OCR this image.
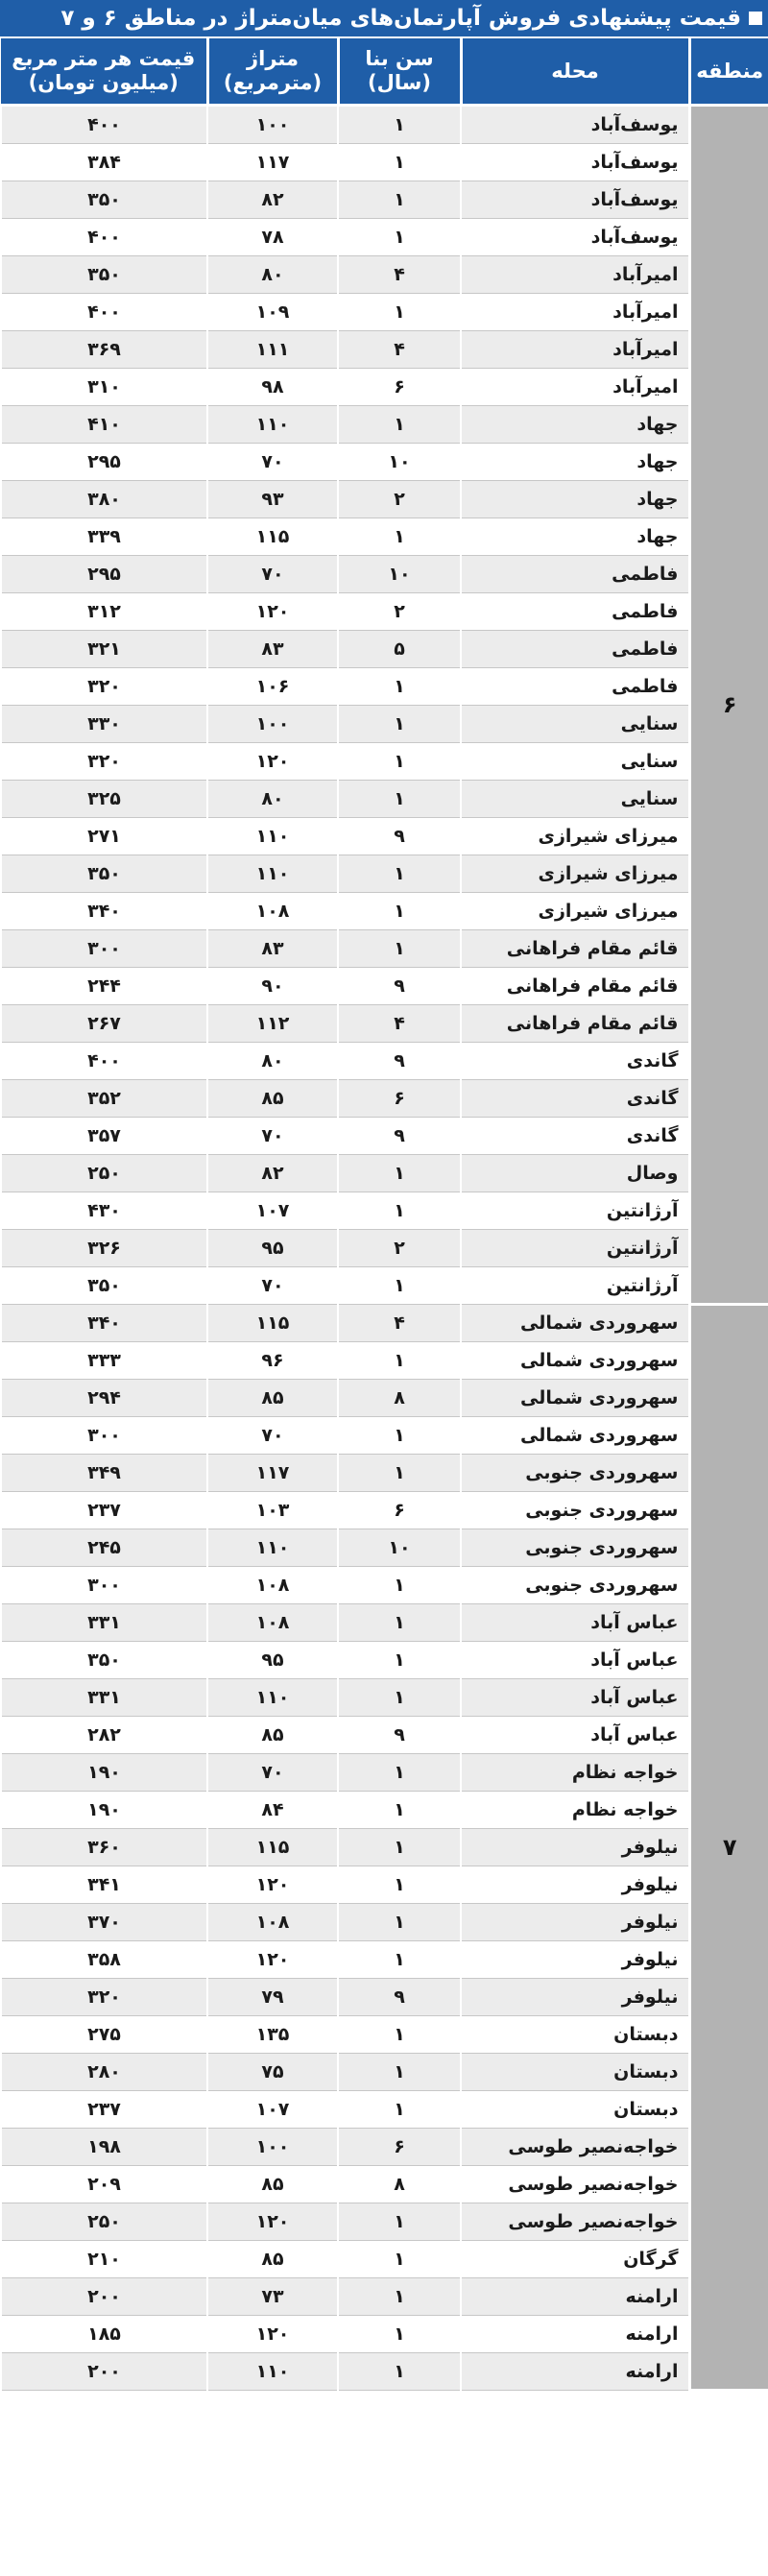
قیمت پیشنهادی فروش آپارتمان‌های میان‌متراژ در مناطق ۶ و ۷
منطقه	محله	سن بنا (سال)	متراژ (مترمربع)	قیمت هر متر مربع (میلیون تومان)
۶	یوسف‌آباد	۱	۱۰۰	۴۰۰
	یوسف‌آباد	۱	۱۱۷	۳۸۴
	یوسف‌آباد	۱	۸۲	۳۵۰
	یوسف‌آباد	۱	۷۸	۴۰۰
	امیرآباد	۴	۸۰	۳۵۰
	امیرآباد	۱	۱۰۹	۴۰۰
	امیرآباد	۴	۱۱۱	۳۶۹
	امیرآباد	۶	۹۸	۳۱۰
	جهاد	۱	۱۱۰	۴۱۰
	جهاد	۱۰	۷۰	۲۹۵
	جهاد	۲	۹۳	۳۸۰
	جهاد	۱	۱۱۵	۳۳۹
	فاطمی	۱۰	۷۰	۲۹۵
	فاطمی	۲	۱۲۰	۳۱۲
	فاطمی	۵	۸۳	۳۲۱
	فاطمی	۱	۱۰۶	۳۲۰
	سنایی	۱	۱۰۰	۳۳۰
	سنایی	۱	۱۲۰	۳۲۰
	سنایی	۱	۸۰	۳۲۵
	میرزای شیرازی	۹	۱۱۰	۲۷۱
	میرزای شیرازی	۱	۱۱۰	۳۵۰
	میرزای شیرازی	۱	۱۰۸	۳۴۰
	قائم مقام فراهانی	۱	۸۳	۳۰۰
	قائم مقام فراهانی	۹	۹۰	۲۴۴
	قائم مقام فراهانی	۴	۱۱۲	۲۶۷
	گاندی	۹	۸۰	۴۰۰
	گاندی	۶	۸۵	۳۵۲
	گاندی	۹	۷۰	۳۵۷
	وصال	۱	۸۲	۲۵۰
	آرژانتین	۱	۱۰۷	۴۳۰
	آرژانتین	۲	۹۵	۳۲۶
	آرژانتین	۱	۷۰	۳۵۰
۷	سهروردی شمالی	۴	۱۱۵	۳۴۰
	سهروردی شمالی	۱	۹۶	۳۳۳
	سهروردی شمالی	۸	۸۵	۲۹۴
	سهروردی شمالی	۱	۷۰	۳۰۰
	سهروردی جنوبی	۱	۱۱۷	۳۴۹
	سهروردی جنوبی	۶	۱۰۳	۲۳۷
	سهروردی جنوبی	۱۰	۱۱۰	۲۴۵
	سهروردی جنوبی	۱	۱۰۸	۳۰۰
	عباس آباد	۱	۱۰۸	۳۳۱
	عباس آباد	۱	۹۵	۳۵۰
	عباس آباد	۱	۱۱۰	۳۳۱
	عباس آباد	۹	۸۵	۲۸۲
	خواجه نظام	۱	۷۰	۱۹۰
	خواجه نظام	۱	۸۴	۱۹۰
	نیلوفر	۱	۱۱۵	۳۶۰
	نیلوفر	۱	۱۲۰	۳۴۱
	نیلوفر	۱	۱۰۸	۳۷۰
	نیلوفر	۱	۱۲۰	۳۵۸
	نیلوفر	۹	۷۹	۳۲۰
	دبستان	۱	۱۳۵	۲۷۵
	دبستان	۱	۷۵	۲۸۰
	دبستان	۱	۱۰۷	۲۳۷
	خواجه‌نصیر طوسی	۶	۱۰۰	۱۹۸
	خواجه‌نصیر طوسی	۸	۸۵	۲۰۹
	خواجه‌نصیر طوسی	۱	۱۲۰	۲۵۰
	گرگان	۱	۸۵	۲۱۰
	ارامنه	۱	۷۳	۲۰۰
	ارامنه	۱	۱۲۰	۱۸۵
	ارامنه	۱	۱۱۰	۲۰۰
